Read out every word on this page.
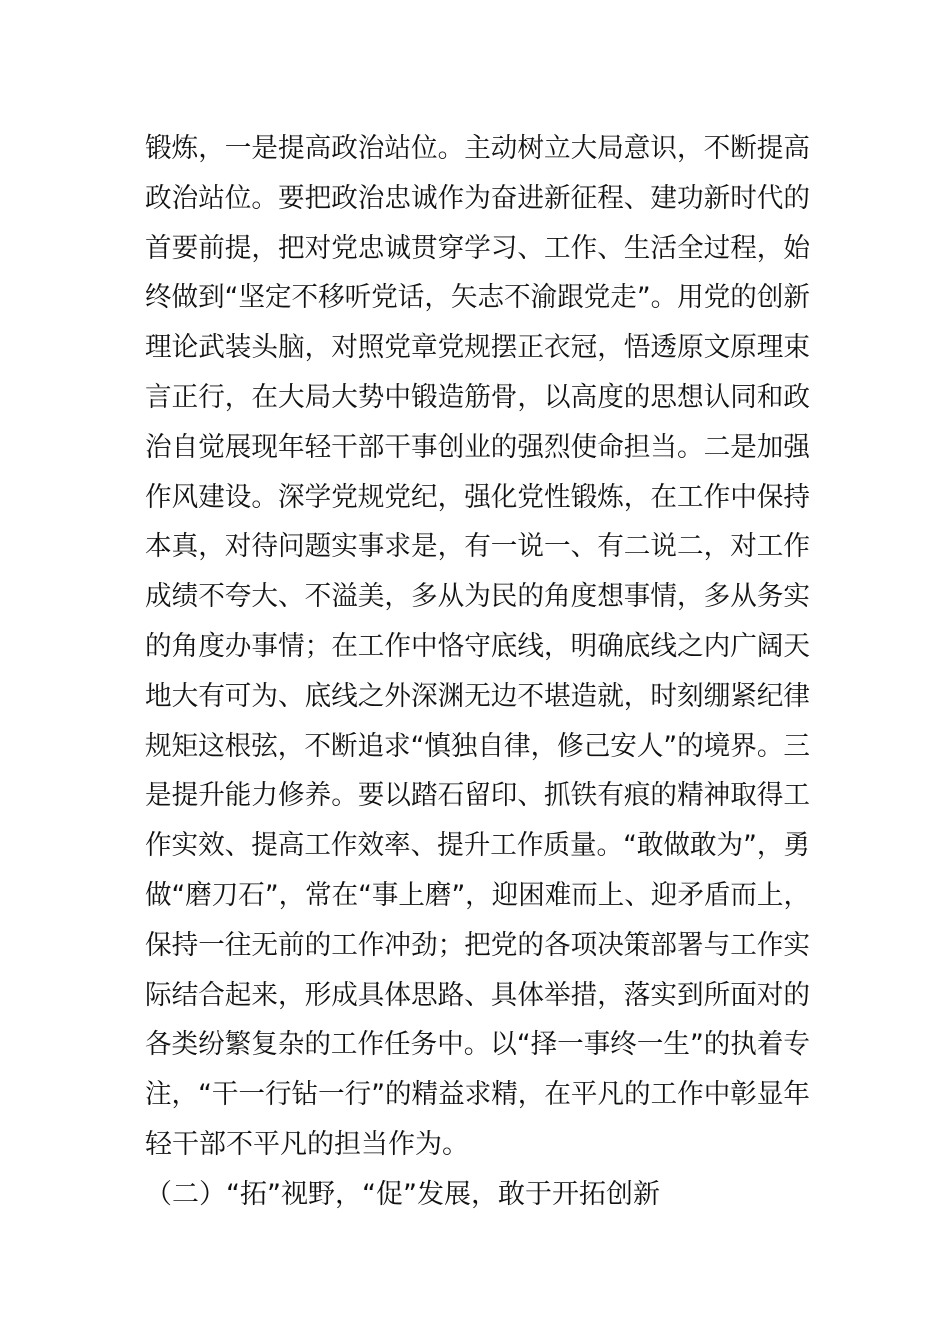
锻炼，一是提高政治站位。主动树立大局意识，不断提高
政治站位。要把政治忠诚作为奋进新征程、建功新时代的
首要前提，把对党忠诚贯穿学习、工作、生活全过程，始
终做到“坚定不移听党话，矢志不渝跟党走”。用党的创新
理论武装头脑，对照党章党规摆正衣冠，悟透原文原理束
言正行，在大局大势中锻造筋骨，以高度的思想认同和政
治自觉展现年轻干部干事创业的强烈使命担当。二是加强
作风建设。深学党规党纪，强化党性锻炼，在工作中保持
本真，对待问题实事求是，有一说一、有二说二，对工作
成绩不夸大、不溢美，多从为民的角度想事情，多从务实
的角度办事情；在工作中恪守底线，明确底线之内广阔天
地大有可为、底线之外深渊无边不堪造就，时刻绷紧纪律
规矩这根弦，不断追求“慎独自律，修己安人”的境界。三
是提升能力修养。要以踏石留印、抓铁有痕的精神取得工
作实效、提高工作效率、提升工作质量。“敢做敢为”，勇
做“磨刀石”，常在“事上磨”，迎困难而上、迎矛盾而上，
保持一往无前的工作冲劲；把党的各项决策部署与工作实
际结合起来，形成具体思路、具体举措，落实到所面对的
各类纷繁复杂的工作任务中。以“择一事终一生”的执着专
注，“干一行钻一行”的精益求精，在平凡的工作中彰显年
轻干部不平凡的担当作为。
（二）“拓”视野，“促”发展，敢于开拓创新
